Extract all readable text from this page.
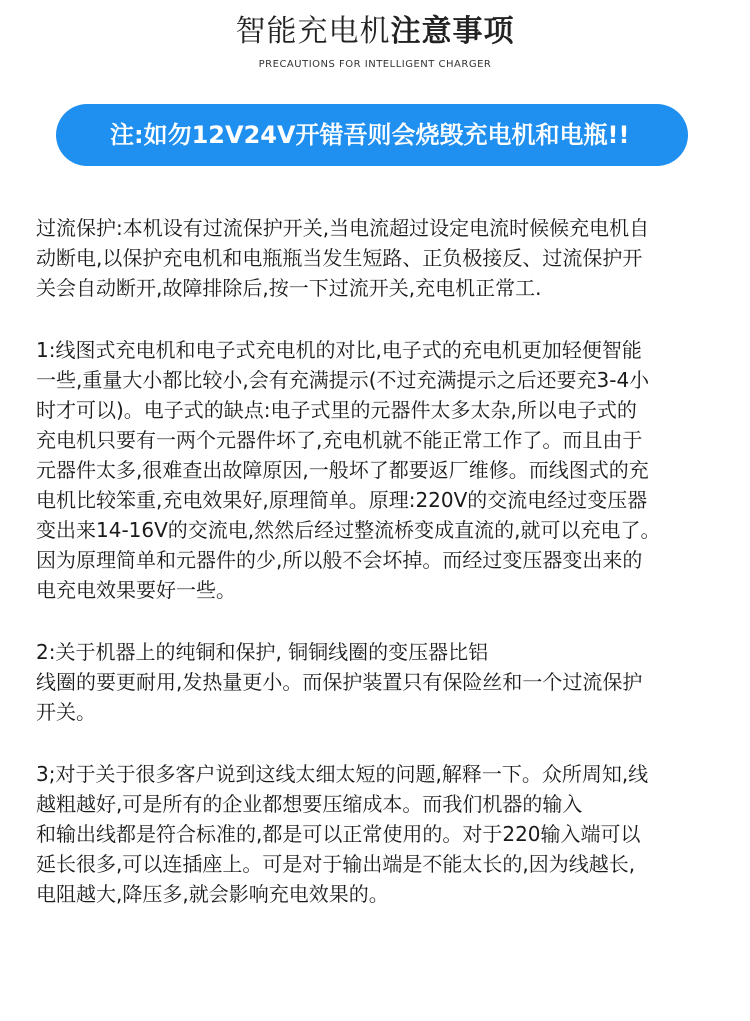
智能充电机注意事项
PRECAUTIONS FOR INTELLIGENT CHARGER
注:如勿12V24V开错吾则会烧毁充电机和电瓶!!
过流保护:本机设有过流保护开关,当电流超过设定电流时候候充电机自
动断电,以保护充电机和电瓶瓶当发生短路、正负极接反、过流保护开
关会自动断开,故障排除后,按一下过流开关,充电机正常工.
1:线图式充电机和电子式充电机的对比,电子式的充电机更加轻便智能
一些,重量大小都比较小,会有充满提示(不过充满提示之后还要充3-4小
时才可以)。电子式的缺点:电子式里的元器件太多太杂,所以电子式的
充电机只要有一两个元器件坏了,充电机就不能正常工作了。而且由于
元器件太多,很难查出故障原因,一般坏了都要返厂维修。而线图式的充
电机比较笨重,充电效果好,原理简单。原理:220V的交流电经过变压器
变出来14-16V的交流电,然然后经过整流桥变成直流的,就可以充电了。
因为原理简单和元器件的少,所以般不会坏掉。而经过变压器变出来的
电充电效果要好一些。
2:关于机器上的纯铜和保护, 铜铜线圈的变压器比铝
线圈的要更耐用,发热量更小。而保护装置只有保险丝和一个过流保护
开关。
3;对于关于很多客户说到这线太细太短的问题,解释一下。众所周知,线
越粗越好,可是所有的企业都想要压缩成本。而我们机器的输入
和输出线都是符合标准的,都是可以正常使用的。对于220输入端可以
延长很多,可以连插座上。可是对于输出端是不能太长的,因为线越长,
电阻越大,降压多,就会影响充电效果的。
